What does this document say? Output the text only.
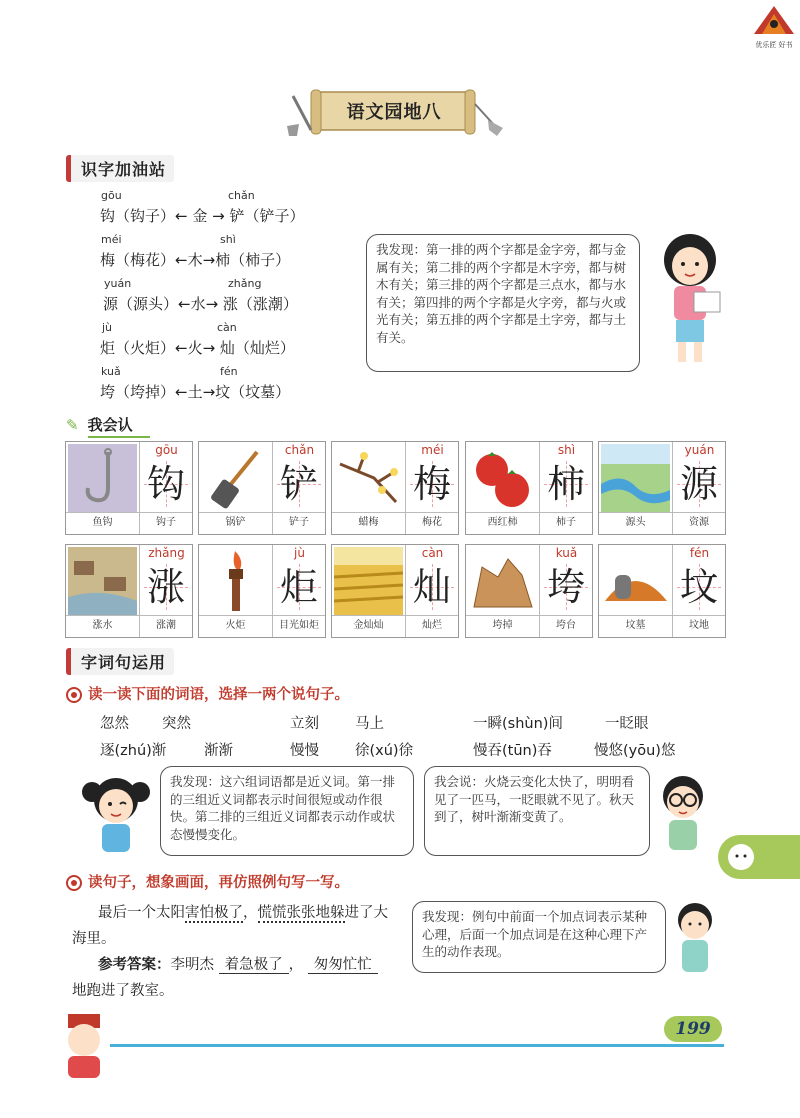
优乐匠 好书
语文园地八
识字加油站
gōu	chǎn
钩（钩子）← 金 → 铲（铲子）
méi	shì
梅（梅花）←木→柿（柿子）
yuán	zhǎng
源（源头）←水→ 涨（涨潮）
jù	càn
炬（火炬）←火→ 灿（灿烂）
kuǎ	fén
垮（垮掉）←土→坟（坟墓）
我发现：第一排的两个字都是金字旁，都与金属有关；第二排的两个字都是木字旁，都与树木有关；第三排的两个字都是三点水，都与水有关；第四排的两个字都是火字旁，都与火或光有关；第五排的两个字都是土字旁，都与土有关。
✎ 我会认
gōu
钩
鱼钩	钩子
chǎn
铲
锅铲	铲子
méi
梅
蜡梅	梅花
shì
柿
西红柿	柿子
yuán
源
源头	资源
zhǎng
涨
涨水	涨潮
jù
炬
火炬	目光如炬
càn
灿
金灿灿	灿烂
kuǎ
垮
垮掉	垮台
fén
坟
坟墓	坟地
字词句运用
读一读下面的词语，选择一两个说句子。
忽然 突然	立刻 马上	一瞬(shùn)间	一眨眼
逐(zhú)渐	渐渐	慢慢 徐(xú)徐	慢吞(tūn)吞	慢悠(yōu)悠
我发现：这六组词语都是近义词。第一排的三组近义词都表示时间很短或动作很快。第二排的三组近义词都表示动作或状态慢慢变化。
我会说：火烧云变化太快了，明明看见了一匹马，一眨眼就不见了。秋天到了，树叶渐渐变黄了。
读句子，想象画面，再仿照例句写一写。
最后一个太阳害怕极了，慌慌张张地躲进了大海里。
参考答案：李明杰 着急极了 ， 匆匆忙忙地跑进了教室。
我发现：例句中前面一个加点词表示某种心理，后面一个加点词是在这种心理下产生的动作表现。
199
